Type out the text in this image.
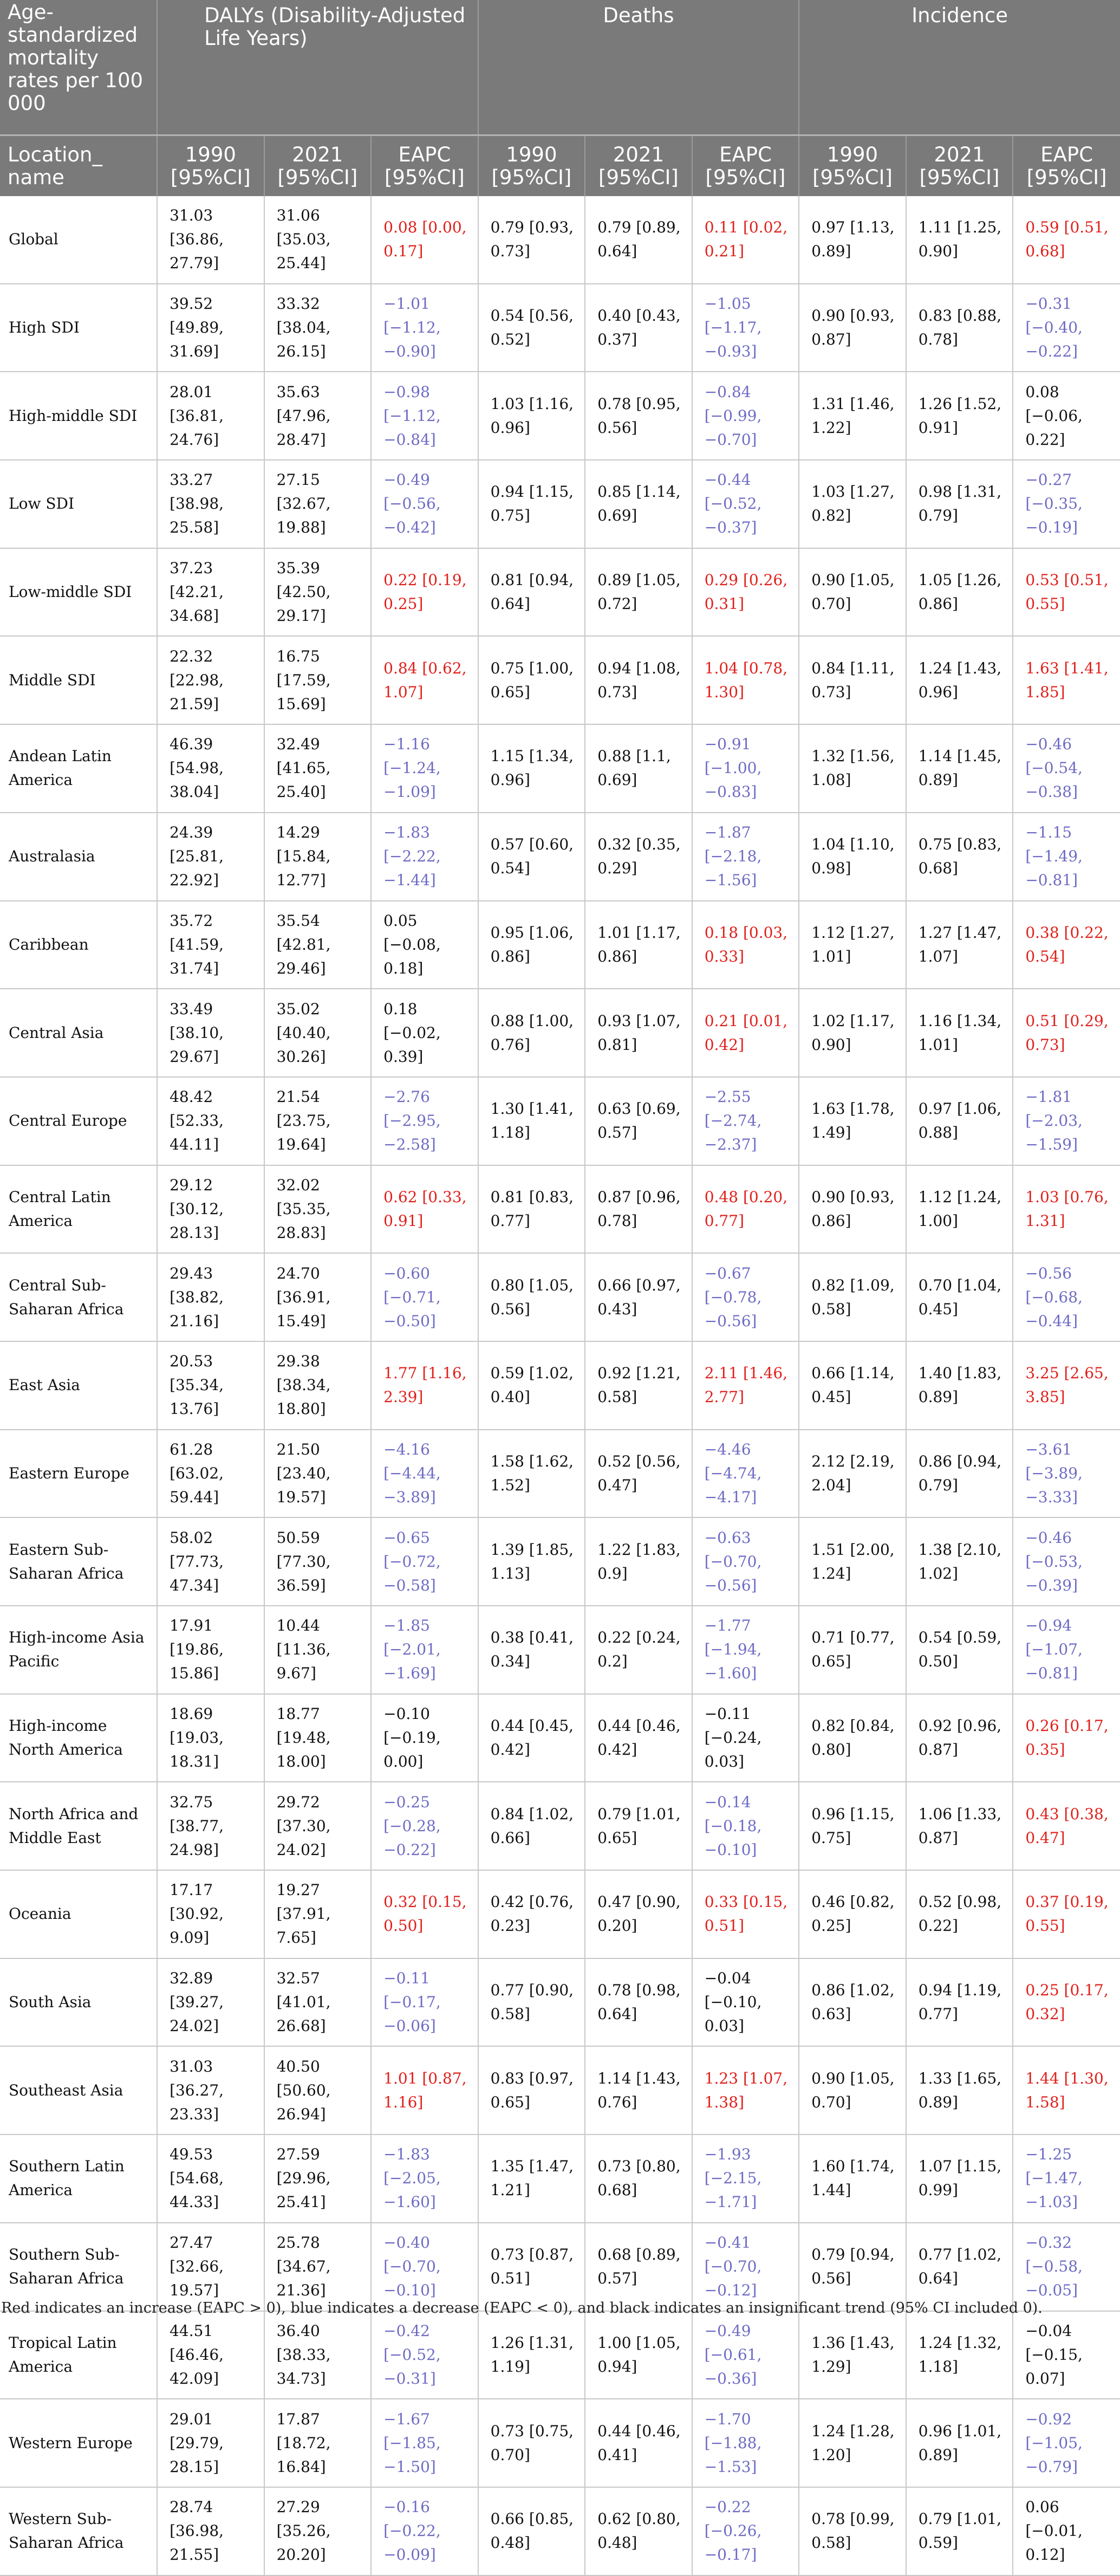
Age-standardized mortality rates per 100 000	DALYs (Disability-Adjusted Life Years)			Deaths			Incidence		
Location_ name	1990 [95%CI]	2021 [95%CI]	EAPC [95%CI]	1990 [95%CI]	2021 [95%CI]	EAPC [95%CI]	1990 [95%CI]	2021 [95%CI]	EAPC [95%CI]
Global	31.03 [36.86, 27.79]	31.06 [35.03, 25.44]	0.08 [0.00, 0.17]	0.79 [0.93, 0.73]	0.79 [0.89, 0.64]	0.11 [0.02, 0.21]	0.97 [1.13, 0.89]	1.11 [1.25, 0.90]	0.59 [0.51, 0.68]
High SDI	39.52 [49.89, 31.69]	33.32 [38.04, 26.15]	−1.01 [−1.12, −0.90]	0.54 [0.56, 0.52]	0.40 [0.43, 0.37]	−1.05 [−1.17, −0.93]	0.90 [0.93, 0.87]	0.83 [0.88, 0.78]	−0.31 [−0.40, −0.22]
High-middle SDI	28.01 [36.81, 24.76]	35.63 [47.96, 28.47]	−0.98 [−1.12, −0.84]	1.03 [1.16, 0.96]	0.78 [0.95, 0.56]	−0.84 [−0.99, −0.70]	1.31 [1.46, 1.22]	1.26 [1.52, 0.91]	0.08 [−0.06, 0.22]
Low SDI	33.27 [38.98, 25.58]	27.15 [32.67, 19.88]	−0.49 [−0.56, −0.42]	0.94 [1.15, 0.75]	0.85 [1.14, 0.69]	−0.44 [−0.52, −0.37]	1.03 [1.27, 0.82]	0.98 [1.31, 0.79]	−0.27 [−0.35, −0.19]
Low-middle SDI	37.23 [42.21, 34.68]	35.39 [42.50, 29.17]	0.22 [0.19, 0.25]	0.81 [0.94, 0.64]	0.89 [1.05, 0.72]	0.29 [0.26, 0.31]	0.90 [1.05, 0.70]	1.05 [1.26, 0.86]	0.53 [0.51, 0.55]
Middle SDI	22.32 [22.98, 21.59]	16.75 [17.59, 15.69]	0.84 [0.62, 1.07]	0.75 [1.00, 0.65]	0.94 [1.08, 0.73]	1.04 [0.78, 1.30]	0.84 [1.11, 0.73]	1.24 [1.43, 0.96]	1.63 [1.41, 1.85]
Andean Latin America	46.39 [54.98, 38.04]	32.49 [41.65, 25.40]	−1.16 [−1.24, −1.09]	1.15 [1.34, 0.96]	0.88 [1.1, 0.69]	−0.91 [−1.00, −0.83]	1.32 [1.56, 1.08]	1.14 [1.45, 0.89]	−0.46 [−0.54, −0.38]
Australasia	24.39 [25.81, 22.92]	14.29 [15.84, 12.77]	−1.83 [−2.22, −1.44]	0.57 [0.60, 0.54]	0.32 [0.35, 0.29]	−1.87 [−2.18, −1.56]	1.04 [1.10, 0.98]	0.75 [0.83, 0.68]	−1.15 [−1.49, −0.81]
Caribbean	35.72 [41.59, 31.74]	35.54 [42.81, 29.46]	0.05 [−0.08, 0.18]	0.95 [1.06, 0.86]	1.01 [1.17, 0.86]	0.18 [0.03, 0.33]	1.12 [1.27, 1.01]	1.27 [1.47, 1.07]	0.38 [0.22, 0.54]
Central Asia	33.49 [38.10, 29.67]	35.02 [40.40, 30.26]	0.18 [−0.02, 0.39]	0.88 [1.00, 0.76]	0.93 [1.07, 0.81]	0.21 [0.01, 0.42]	1.02 [1.17, 0.90]	1.16 [1.34, 1.01]	0.51 [0.29, 0.73]
Central Europe	48.42 [52.33, 44.11]	21.54 [23.75, 19.64]	−2.76 [−2.95, −2.58]	1.30 [1.41, 1.18]	0.63 [0.69, 0.57]	−2.55 [−2.74, −2.37]	1.63 [1.78, 1.49]	0.97 [1.06, 0.88]	−1.81 [−2.03, −1.59]
Central Latin America	29.12 [30.12, 28.13]	32.02 [35.35, 28.83]	0.62 [0.33, 0.91]	0.81 [0.83, 0.77]	0.87 [0.96, 0.78]	0.48 [0.20, 0.77]	0.90 [0.93, 0.86]	1.12 [1.24, 1.00]	1.03 [0.76, 1.31]
Central Sub-Saharan Africa	29.43 [38.82, 21.16]	24.70 [36.91, 15.49]	−0.60 [−0.71, −0.50]	0.80 [1.05, 0.56]	0.66 [0.97, 0.43]	−0.67 [−0.78, −0.56]	0.82 [1.09, 0.58]	0.70 [1.04, 0.45]	−0.56 [−0.68, −0.44]
East Asia	20.53 [35.34, 13.76]	29.38 [38.34, 18.80]	1.77 [1.16, 2.39]	0.59 [1.02, 0.40]	0.92 [1.21, 0.58]	2.11 [1.46, 2.77]	0.66 [1.14, 0.45]	1.40 [1.83, 0.89]	3.25 [2.65, 3.85]
Eastern Europe	61.28 [63.02, 59.44]	21.50 [23.40, 19.57]	−4.16 [−4.44, −3.89]	1.58 [1.62, 1.52]	0.52 [0.56, 0.47]	−4.46 [−4.74, −4.17]	2.12 [2.19, 2.04]	0.86 [0.94, 0.79]	−3.61 [−3.89, −3.33]
Eastern Sub-Saharan Africa	58.02 [77.73, 47.34]	50.59 [77.30, 36.59]	−0.65 [−0.72, −0.58]	1.39 [1.85, 1.13]	1.22 [1.83, 0.9]	−0.63 [−0.70, −0.56]	1.51 [2.00, 1.24]	1.38 [2.10, 1.02]	−0.46 [−0.53, −0.39]
High-income Asia Pacific	17.91 [19.86, 15.86]	10.44 [11.36, 9.67]	−1.85 [−2.01, −1.69]	0.38 [0.41, 0.34]	0.22 [0.24, 0.2]	−1.77 [−1.94, −1.60]	0.71 [0.77, 0.65]	0.54 [0.59, 0.50]	−0.94 [−1.07, −0.81]
High-income North America	18.69 [19.03, 18.31]	18.77 [19.48, 18.00]	−0.10 [−0.19, 0.00]	0.44 [0.45, 0.42]	0.44 [0.46, 0.42]	−0.11 [−0.24, 0.03]	0.82 [0.84, 0.80]	0.92 [0.96, 0.87]	0.26 [0.17, 0.35]
North Africa and Middle East	32.75 [38.77, 24.98]	29.72 [37.30, 24.02]	−0.25 [−0.28, −0.22]	0.84 [1.02, 0.66]	0.79 [1.01, 0.65]	−0.14 [−0.18, −0.10]	0.96 [1.15, 0.75]	1.06 [1.33, 0.87]	0.43 [0.38, 0.47]
Oceania	17.17 [30.92, 9.09]	19.27 [37.91, 7.65]	0.32 [0.15, 0.50]	0.42 [0.76, 0.23]	0.47 [0.90, 0.20]	0.33 [0.15, 0.51]	0.46 [0.82, 0.25]	0.52 [0.98, 0.22]	0.37 [0.19, 0.55]
South Asia	32.89 [39.27, 24.02]	32.57 [41.01, 26.68]	−0.11 [−0.17, −0.06]	0.77 [0.90, 0.58]	0.78 [0.98, 0.64]	−0.04 [−0.10, 0.03]	0.86 [1.02, 0.63]	0.94 [1.19, 0.77]	0.25 [0.17, 0.32]
Southeast Asia	31.03 [36.27, 23.33]	40.50 [50.60, 26.94]	1.01 [0.87, 1.16]	0.83 [0.97, 0.65]	1.14 [1.43, 0.76]	1.23 [1.07, 1.38]	0.90 [1.05, 0.70]	1.33 [1.65, 0.89]	1.44 [1.30, 1.58]
Southern Latin America	49.53 [54.68, 44.33]	27.59 [29.96, 25.41]	−1.83 [−2.05, −1.60]	1.35 [1.47, 1.21]	0.73 [0.80, 0.68]	−1.93 [−2.15, −1.71]	1.60 [1.74, 1.44]	1.07 [1.15, 0.99]	−1.25 [−1.47, −1.03]
Southern Sub-Saharan Africa	27.47 [32.66, 19.57]	25.78 [34.67, 21.36]	−0.40 [−0.70, −0.10]	0.73 [0.87, 0.51]	0.68 [0.89, 0.57]	−0.41 [−0.70, −0.12]	0.79 [0.94, 0.56]	0.77 [1.02, 0.64]	−0.32 [−0.58, −0.05]
Tropical Latin America	44.51 [46.46, 42.09]	36.40 [38.33, 34.73]	−0.42 [−0.52, −0.31]	1.26 [1.31, 1.19]	1.00 [1.05, 0.94]	−0.49 [−0.61, −0.36]	1.36 [1.43, 1.29]	1.24 [1.32, 1.18]	−0.04 [−0.15, 0.07]
Western Europe	29.01 [29.79, 28.15]	17.87 [18.72, 16.84]	−1.67 [−1.85, −1.50]	0.73 [0.75, 0.70]	0.44 [0.46, 0.41]	−1.70 [−1.88, −1.53]	1.24 [1.28, 1.20]	0.96 [1.01, 0.89]	−0.92 [−1.05, −0.79]
Western Sub-Saharan Africa	28.74 [36.98, 21.55]	27.29 [35.26, 20.20]	−0.16 [−0.22, −0.09]	0.66 [0.85, 0.48]	0.62 [0.80, 0.48]	−0.22 [−0.26, −0.17]	0.78 [0.99, 0.58]	0.79 [1.01, 0.59]	0.06 [−0.01, 0.12]
Red indicates an increase (EAPC > 0), blue indicates a decrease (EAPC < 0), and black indicates an insignificant trend (95% CI included 0).
